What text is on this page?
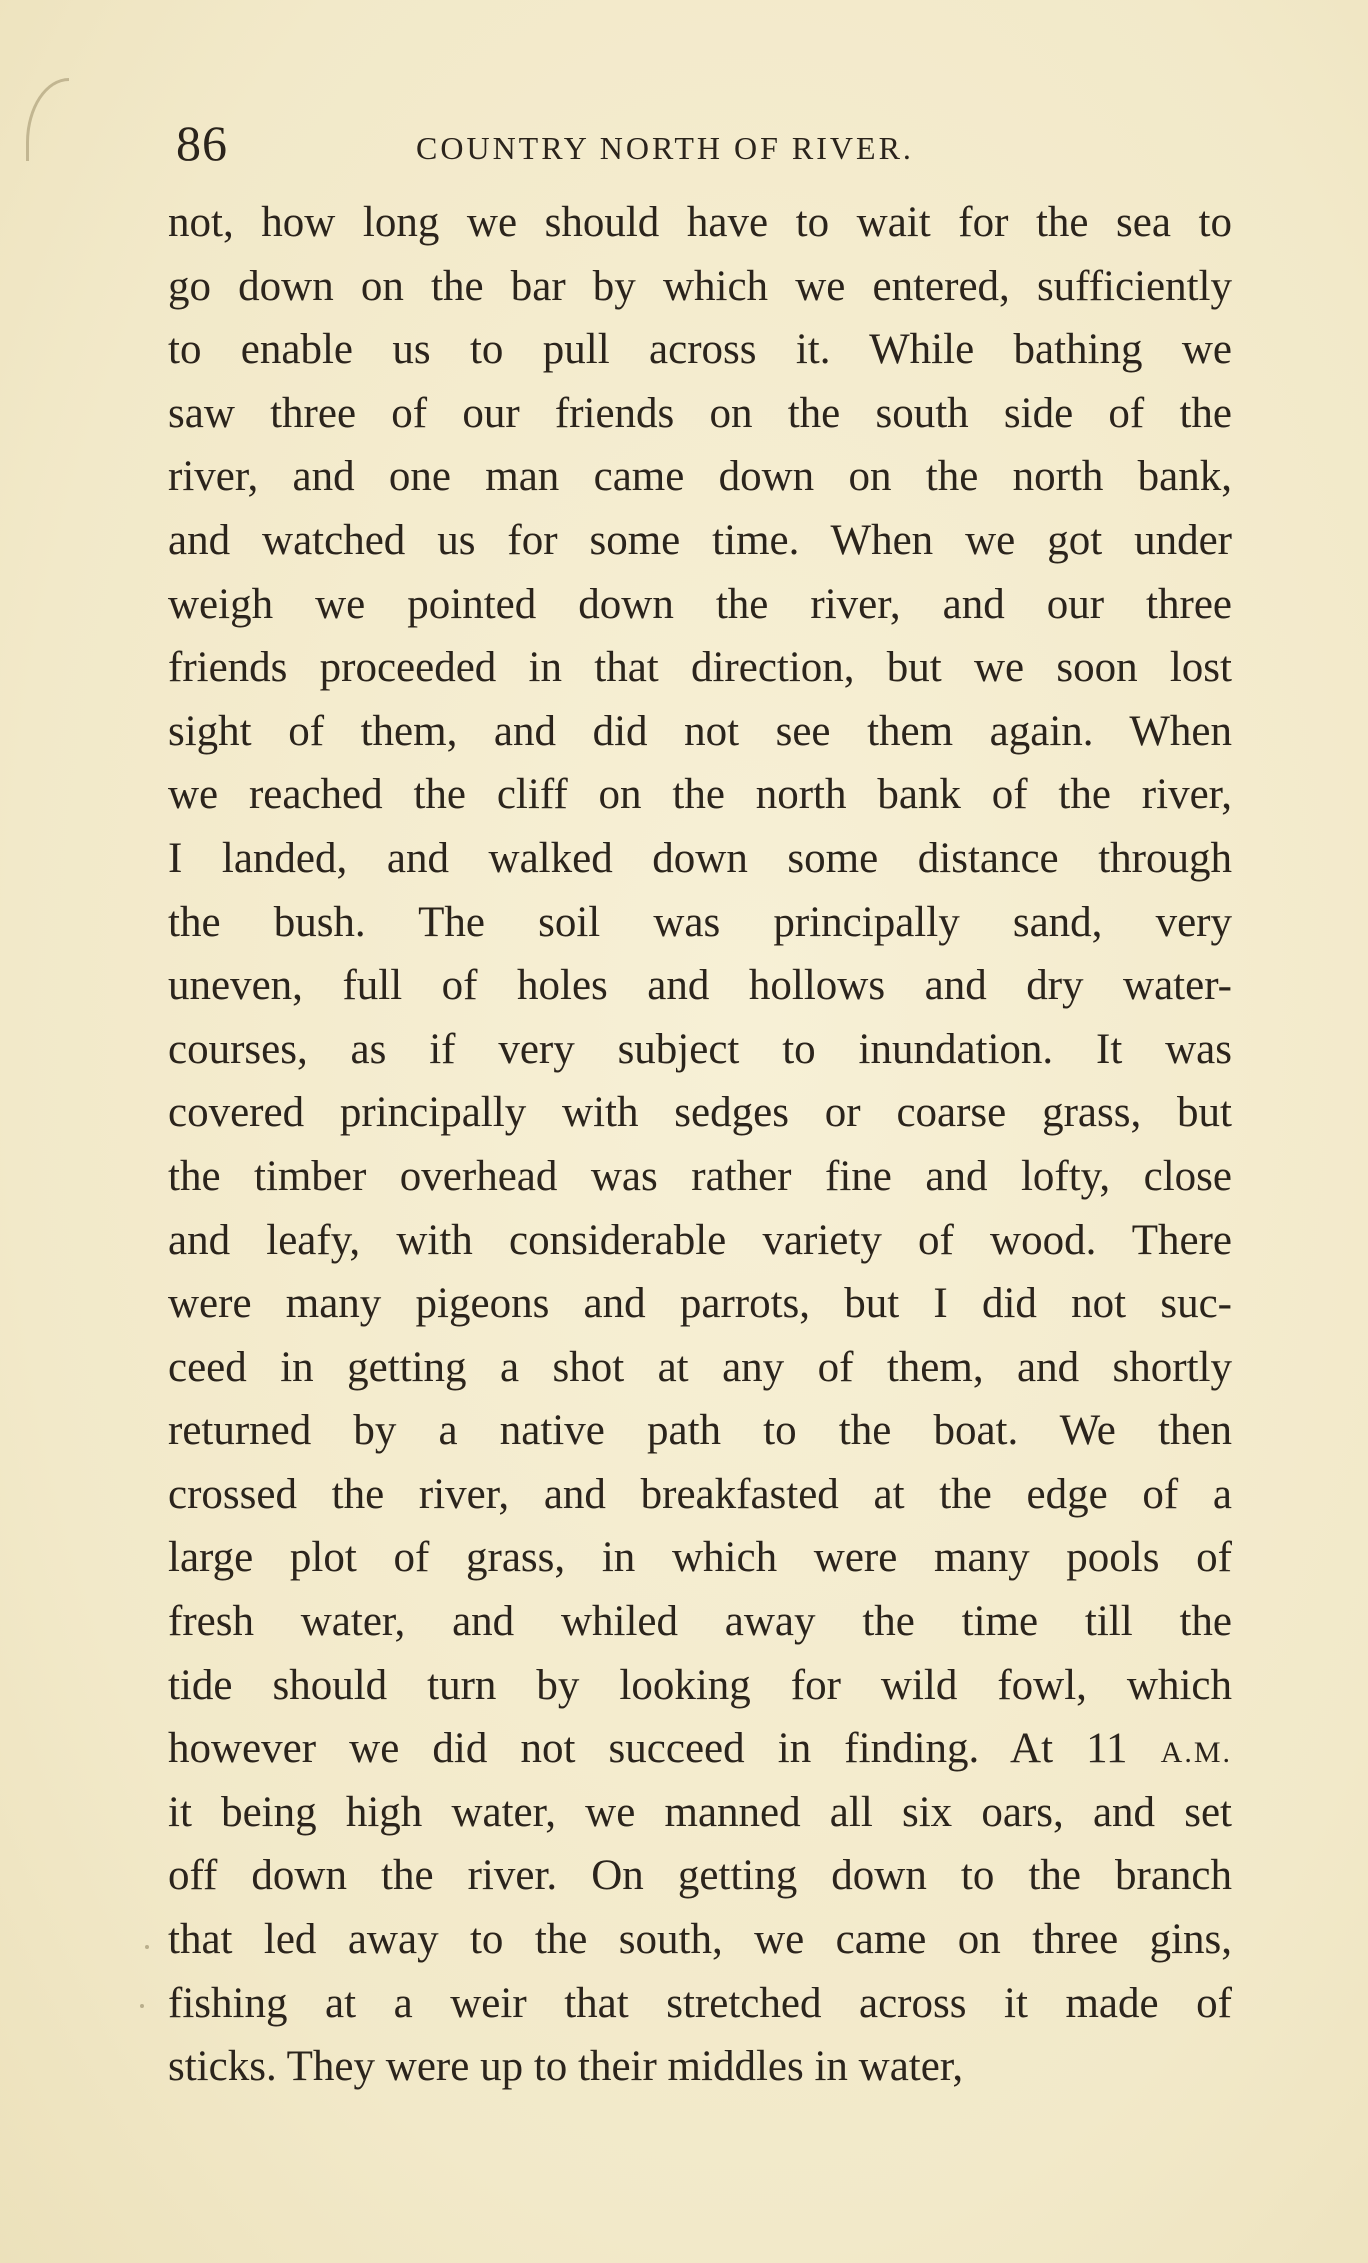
86	COUNTRY NORTH OF RIVER.
not, how long we should have to wait for the sea to
go down on the bar by which we entered, sufficiently
to enable us to pull across it. While bathing we
saw three of our friends on the south side of the
river, and one man came down on the north bank,
and watched us for some time. When we got under
weigh we pointed down the river, and our three
friends proceeded in that direction, but we soon lost
sight of them, and did not see them again. When
we reached the cliff on the north bank of the river,
I landed, and walked down some distance through
the bush. The soil was principally sand, very
uneven, full of holes and hollows and dry water-
courses, as if very subject to inundation. It was
covered principally with sedges or coarse grass, but
the timber overhead was rather fine and lofty, close
and leafy, with considerable variety of wood. There
were many pigeons and parrots, but I did not suc-
ceed in getting a shot at any of them, and shortly
returned by a native path to the boat. We then
crossed the river, and breakfasted at the edge of a
large plot of grass, in which were many pools of
fresh water, and whiled away the time till the
tide should turn by looking for wild fowl, which
however we did not succeed in finding. At 11 A.M.
it being high water, we manned all six oars, and set
off down the river. On getting down to the branch
that led away to the south, we came on three gins,
fishing at a weir that stretched across it made of
sticks. They were up to their middles in water,
